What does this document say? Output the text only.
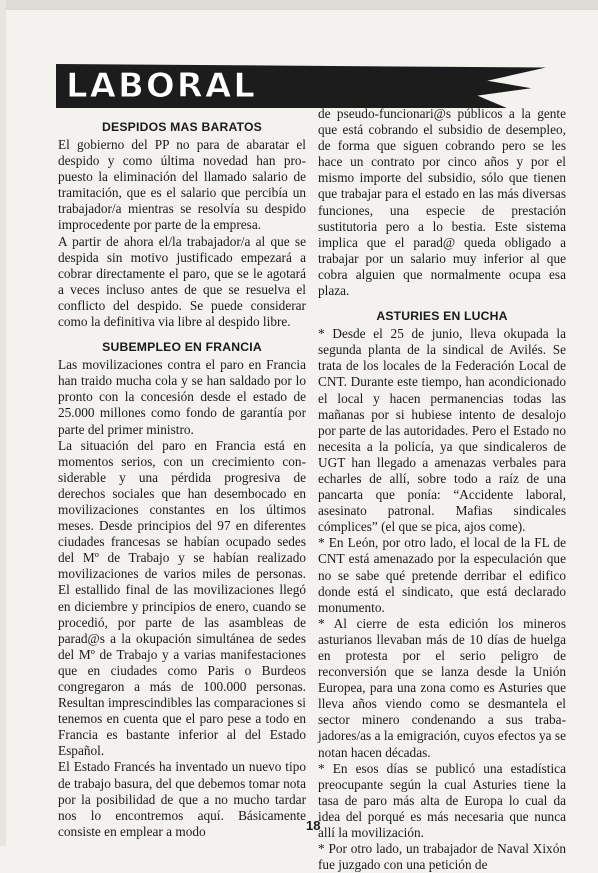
LABORAL
DESPIDOS MAS BARATOS

El gobierno del PP no para de abaratar el despido y como última novedad han propuesto la eliminación del llamado salario de tramitación, que es el salario que percibía un trabajador/a mientras se resolvía su despido improcedente por parte de la empresa.

A partir de ahora el/la trabajador/a al que se despida sin motivo justificado empezará a cobrar directamente el paro, que se le agotará a veces incluso antes de que se resuelva el conflicto del despido. Se puede considerar como la definitiva via libre al despido libre.

SUBEMPLEO EN FRANCIA

Las movilizaciones contra el paro en Francia han traido mucha cola y se han saldado por lo pronto con la concesión desde el estado de 25.000 millones como fondo de garantía por parte del primer ministro.

La situación del paro en Francia está en momentos serios, con un crecimiento considerable y una pérdida progresiva de derechos sociales que han desembocado en movilizaciones constantes en los últimos meses. Desde principios del 97 en diferentes ciudades francesas se habían ocupado sedes del Mº de Trabajo y se habían realizado movilizaciones de varios miles de personas. El estallido final de las movilizaciones llegó en diciembre y principios de enero, cuando se procedió, por parte de las asambleas de parad@s a la okupación simultánea de sedes del Mº de Trabajo y a varias manifestaciones que en ciudades como Paris o Burdeos congregaron a más de 100.000 personas. Resultan imprescindibles las comparaciones si tenemos en cuenta que el paro pese a todo en Francia es bastante inferior al del Estado Español.

El Estado Francés ha inventado un nuevo tipo de trabajo basura, del que debemos tomar nota por la posibilidad de que a no mucho tardar nos lo encontremos aquí. Básicamente consiste en emplear a modo

de pseudo-funcionari@s públicos a la gente que está cobrando el subsidio de desempleo, de forma que siguen cobrando pero se les hace un contrato por cinco años y por el mismo importe del subsidio, sólo que tienen que trabajar para el estado en las más diversas funciones, una especie de prestación sustitutoria pero a lo bestia. Este sistema implica que el parad@ queda obligado a trabajar por un salario muy inferior al que cobra alguien que normalmente ocupa esa plaza.

ASTURIES EN LUCHA

* Desde el 25 de junio, lleva okupada la segunda planta de la sindical de Avilés. Se trata de los locales de la Federación Local de CNT. Durante este tiempo, han acondicionado el local y hacen permanencias todas las mañanas por si hubiese intento de desalojo por parte de las autoridades. Pero el Estado no necesita a la policía, ya que sindicaleros de UGT han llegado a amenazas verbales para echarles de allí, sobre todo a raíz de una pancarta que ponía: “Accidente laboral, asesinato patronal. Mafias sindicales cómplices” (el que se pica, ajos come).

* En León, por otro lado, el local de la FL de CNT está amenazado por la especulación que no se sabe qué pretende derribar el edifico donde está el sindicato, que está declarado monumento.

* Al cierre de esta edición los mineros asturianos llevaban más de 10 días de huelga en protesta por el serio peligro de reconversión que se lanza desde la Unión Europea, para una zona como es Asturies que lleva años viendo como se desmantela el sector minero condenando a sus trabajadores/as a la emigración, cuyos efectos ya se notan hacen décadas.

* En esos días se publicó una estadística preocupante según la cual Asturies tiene la tasa de paro más alta de Europa lo cual da idea del porqué es más necesaria que nunca allí la movilización.

* Por otro lado, un trabajador de Naval Xixón fue juzgado con una petición de

18
